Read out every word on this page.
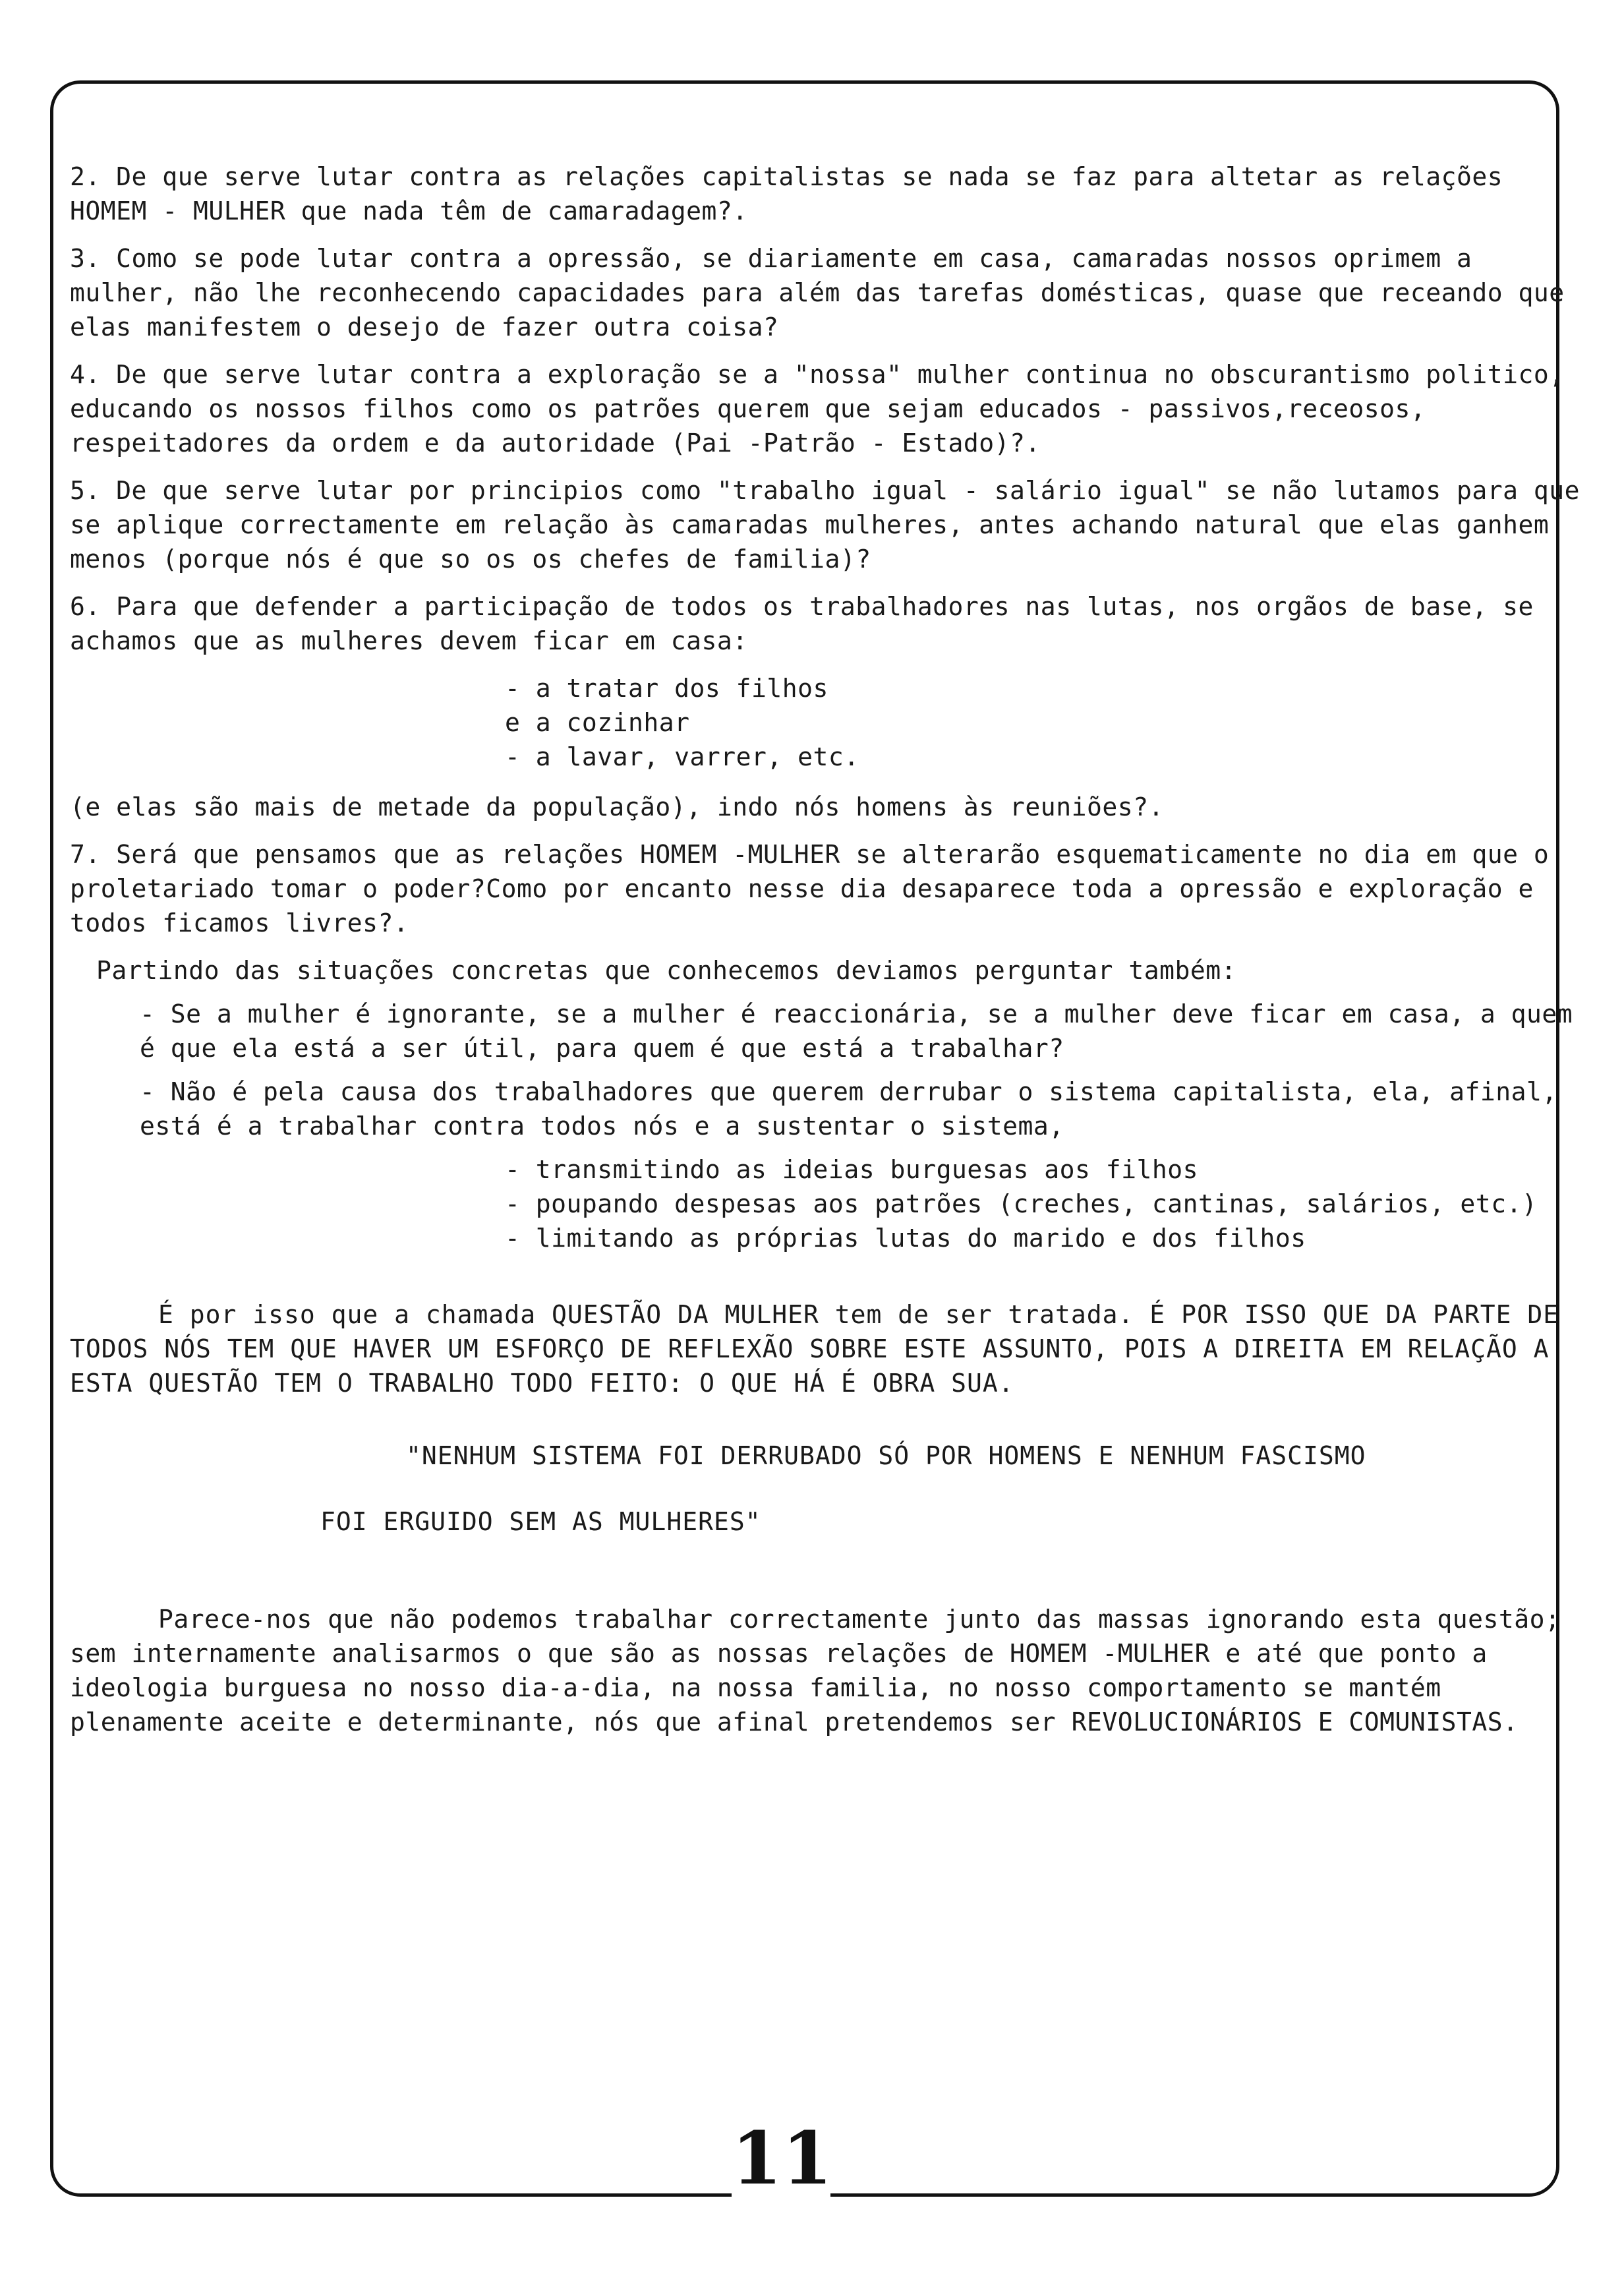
2. De que serve lutar contra as relações capitalistas se nada se faz para altetar as relações HOMEM - MULHER que nada têm de camaradagem?.

3. Como se pode lutar contra a opressão, se diariamente em casa, camaradas nossos oprimem a mulher, não lhe reconhecendo capacidades para além das tarefas domésticas, quase que receando que elas manifestem o desejo de fazer outra coisa?

4. De que serve lutar contra a exploração se a "nossa" mulher continua no obscurantismo politico, educando os nossos filhos como os patrões querem que sejam educados - passivos,receosos, respeitadores da ordem e da autoridade (Pai -Patrão - Estado)?.

5. De que serve lutar por principios como "trabalho igual - salário igual" se não lutamos para que se aplique correctamente em relação às camaradas mulheres, antes achando natural que elas ganhem menos (porque nós é que so os os chefes de familia)?

6. Para que defender a participação de todos os trabalhadores nas lutas, nos orgãos de base, se achamos que as mulheres devem ficar em casa:

- a tratar dos filhos
e a cozinhar
- a lavar, varrer, etc.

(e elas são mais de metade da população), indo nós homens às reuniões?.

7. Será que pensamos que as relações HOMEM -MULHER se alterarão esquematicamente no dia em que o proletariado tomar o poder?Como por encanto nesse dia desaparece toda a opressão e exploração e todos ficamos livres?.

Partindo das situações concretas que conhecemos deviamos perguntar também:

- Se a mulher é ignorante, se a mulher é reaccionária, se a mulher deve ficar em casa, a quem é que ela está a ser útil, para quem é que está a trabalhar?

- Não é pela causa dos trabalhadores que querem derrubar o sistema capitalista, ela, afinal, está é a trabalhar contra todos nós e a sustentar o sistema,

- transmitindo as ideias burguesas aos filhos
- poupando despesas aos patrões (creches, cantinas, salários, etc.)
- limitando as próprias lutas do marido e dos filhos

É por isso que a chamada QUESTÃO DA MULHER tem de ser tratada. É POR ISSO QUE DA PARTE DE TODOS NÓS TEM QUE HAVER UM ESFORÇO DE REFLEXÃO SOBRE ESTE ASSUNTO, POIS A DIREITA EM RELAÇÃO A ESTA QUESTÃO TEM O TRABALHO TODO FEITO: O QUE HÁ É OBRA SUA.

"NENHUM SISTEMA FOI DERRUBADO SÓ POR HOMENS E NENHUM FASCISMO

FOI ERGUIDO SEM AS MULHERES"

Parece-nos que não podemos trabalhar correctamente junto das massas ignorando esta questão; sem internamente analisarmos o que são as nossas relações de HOMEM -MULHER e até que ponto a ideologia burguesa no nosso dia-a-dia, na nossa familia, no nosso comportamento se mantém plenamente aceite e determinante, nós que afinal pretendemos ser REVOLUCIONÁRIOS E COMUNISTAS.

11
